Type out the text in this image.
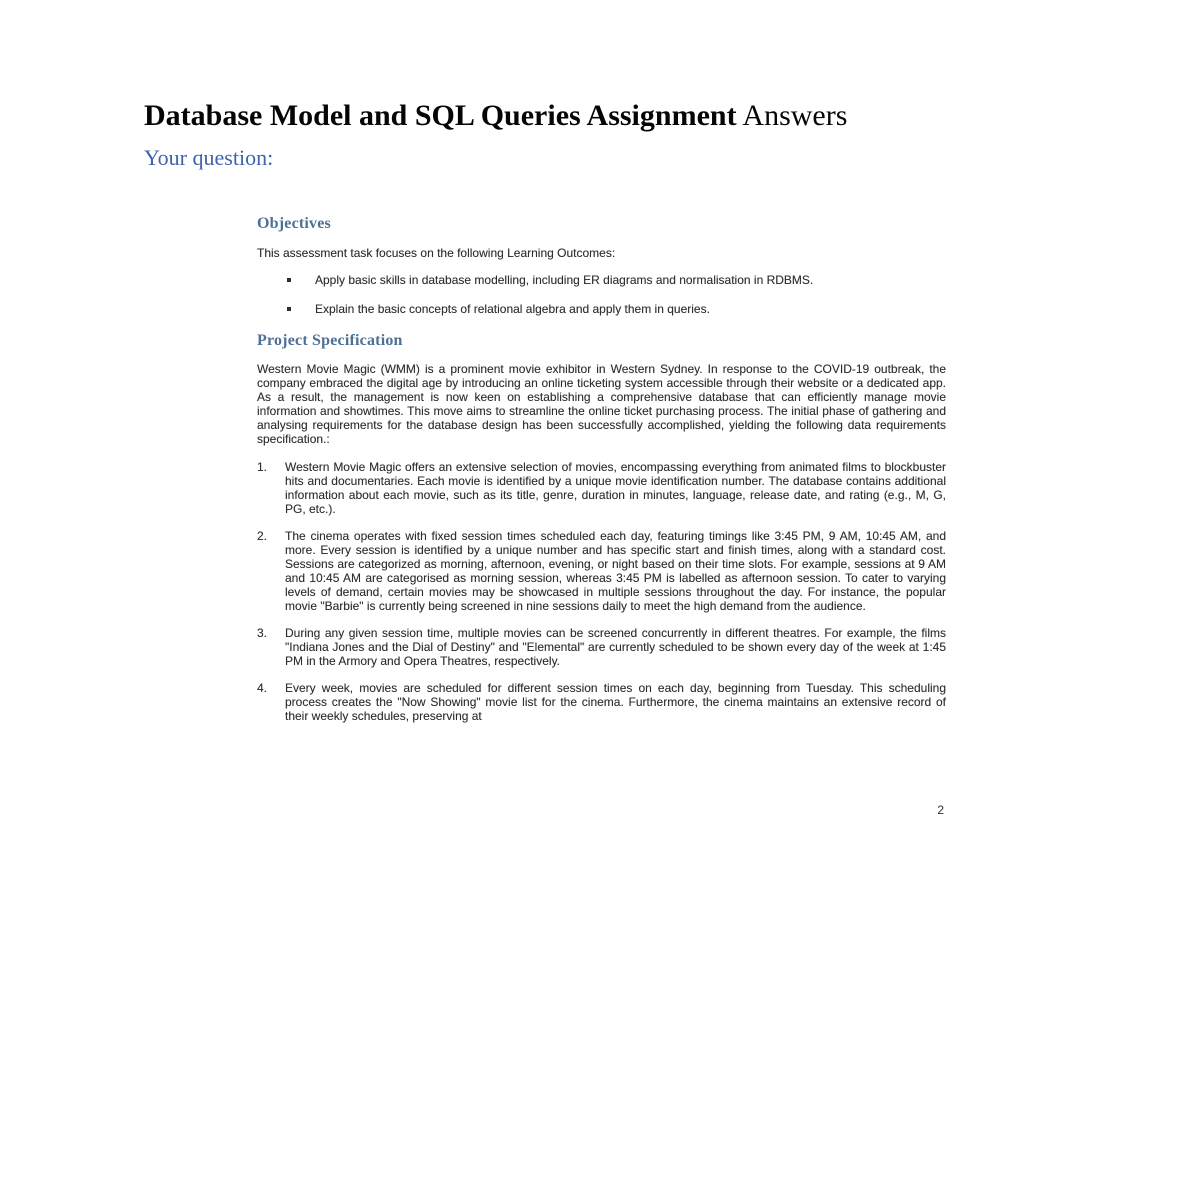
Database Model and SQL Queries Assignment Answers
Your question:
Objectives

This assessment task focuses on the following Learning Outcomes:

Apply basic skills in database modelling, including ER diagrams and normalisation in RDBMS.
Explain the basic concepts of relational algebra and apply them in queries.
Project Specification

Western Movie Magic (WMM) is a prominent movie exhibitor in Western Sydney. In response to the COVID-19 outbreak, the company embraced the digital age by introducing an online ticketing system accessible through their website or a dedicated app. As a result, the management is now keen on establishing a comprehensive database that can efficiently manage movie information and showtimes. This move aims to streamline the online ticket purchasing process. The initial phase of gathering and analysing requirements for the database design has been successfully accomplished, yielding the following data requirements specification.:

1. Western Movie Magic offers an extensive selection of movies, encompassing everything from animated films to blockbuster hits and documentaries. Each movie is identified by a unique movie identification number. The database contains additional information about each movie, such as its title, genre, duration in minutes, language, release date, and rating (e.g., M, G, PG, etc.).
2. The cinema operates with fixed session times scheduled each day, featuring timings like 3:45 PM, 9 AM, 10:45 AM, and more. Every session is identified by a unique number and has specific start and finish times, along with a standard cost. Sessions are categorized as morning, afternoon, evening, or night based on their time slots. For example, sessions at 9 AM and 10:45 AM are categorised as morning session, whereas 3:45 PM is labelled as afternoon session. To cater to varying levels of demand, certain movies may be showcased in multiple sessions throughout the day. For instance, the popular movie "Barbie" is currently being screened in nine sessions daily to meet the high demand from the audience.
3. During any given session time, multiple movies can be screened concurrently in different theatres. For example, the films "Indiana Jones and the Dial of Destiny" and "Elemental" are currently scheduled to be shown every day of the week at 1:45 PM in the Armory and Opera Theatres, respectively.
4. Every week, movies are scheduled for different session times on each day, beginning from Tuesday. This scheduling process creates the "Now Showing" movie list for the cinema. Furthermore, the cinema maintains an extensive record of their weekly schedules, preserving at
2
